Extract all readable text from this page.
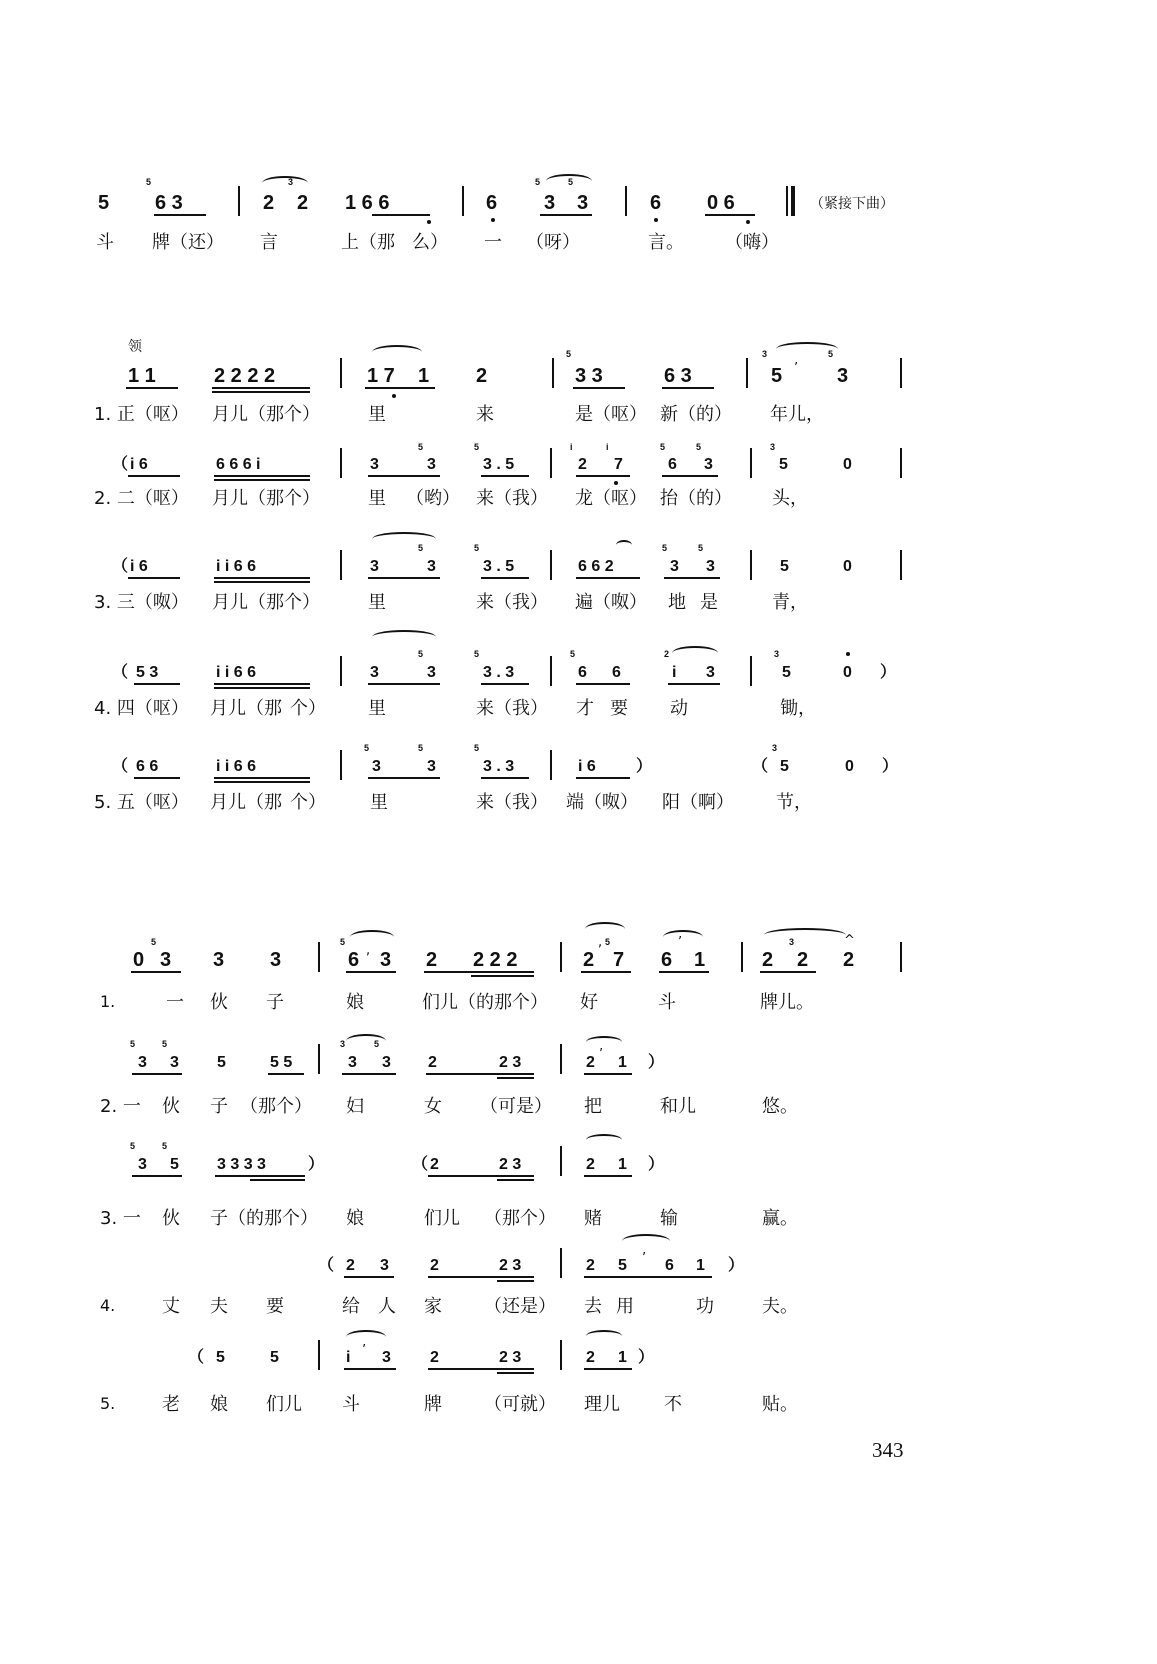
5
5
6 3	2
3
2 1 6 6	6
5
3
5
3	6 0 6	（紧接下曲）
斗 牌（还） 言	上（那 么） 一 （呀）	言。 （嗨）
领
1 1	2 2 2 2	1 7 1 2
5
3 3	6 3
3
5 ’
5
3
1. 正（呕） 月儿（那个）	里	来	是（呕） 新（的） 年儿，
（ i 6	6 6 6 i	3
5
3
5
3 . 5
i
2
i
7
5
6
5
3
3
5	0
2. 二（呕） 月儿（那个）	里 （哟） 来（我） 龙（呕） 抬（的） 头，
（ i 6	i i 6 6	3
5
3
5
3 . 5	6 6 2
5
3
5
3	5	0
3. 三（呶） 月儿（那个）	里	来（我） 遍（呶） 地 是	青，
（ 5 3	i i 6 6	3
5
3
5
3 . 3
5
6 6
2
i 3
3
5	0 ）
4. 四（呕） 月儿（那 个） 里	来（我） 才 要 动	锄，
（ 6 6	i i 6 6
5
3
5
3
5
3 . 3	i 6	）	（
3
5	0 ）
5. 五（呕） 月儿（那 个） 里	来（我） 端（呶） 阳（啊） 节，
0
5
3 3 3
5
6 , 3 2 2 2 2	2
, 5
7 6
’
1	2
3
2
^
2
1.	一 伙 子	娘	们儿（的那个） 好	斗	牌儿。
5
3
5
3 5	5 5
3
3
5
3 2	2 3	2 ’ 1 ）
2. 一 伙 子 （那个） 妇	女 （可是） 把	和儿	悠。
5
3
5
5 3 3 3 3	）	（ 2	2 3	2 1 ）
3. 一 伙 子（的那个） 娘	们儿 （那个） 赌	输	赢。
（ 2 3	2	2 3	2 5 ’ 6 1 ）
4.	丈 夫 要	给 人 家 （还是） 去 用	功	夫。
（ 5	5	i ’ 3 2	2 3	2 1 ）
5.	老 娘 们儿 斗	牌 （可就） 理儿 不	贴。
343
